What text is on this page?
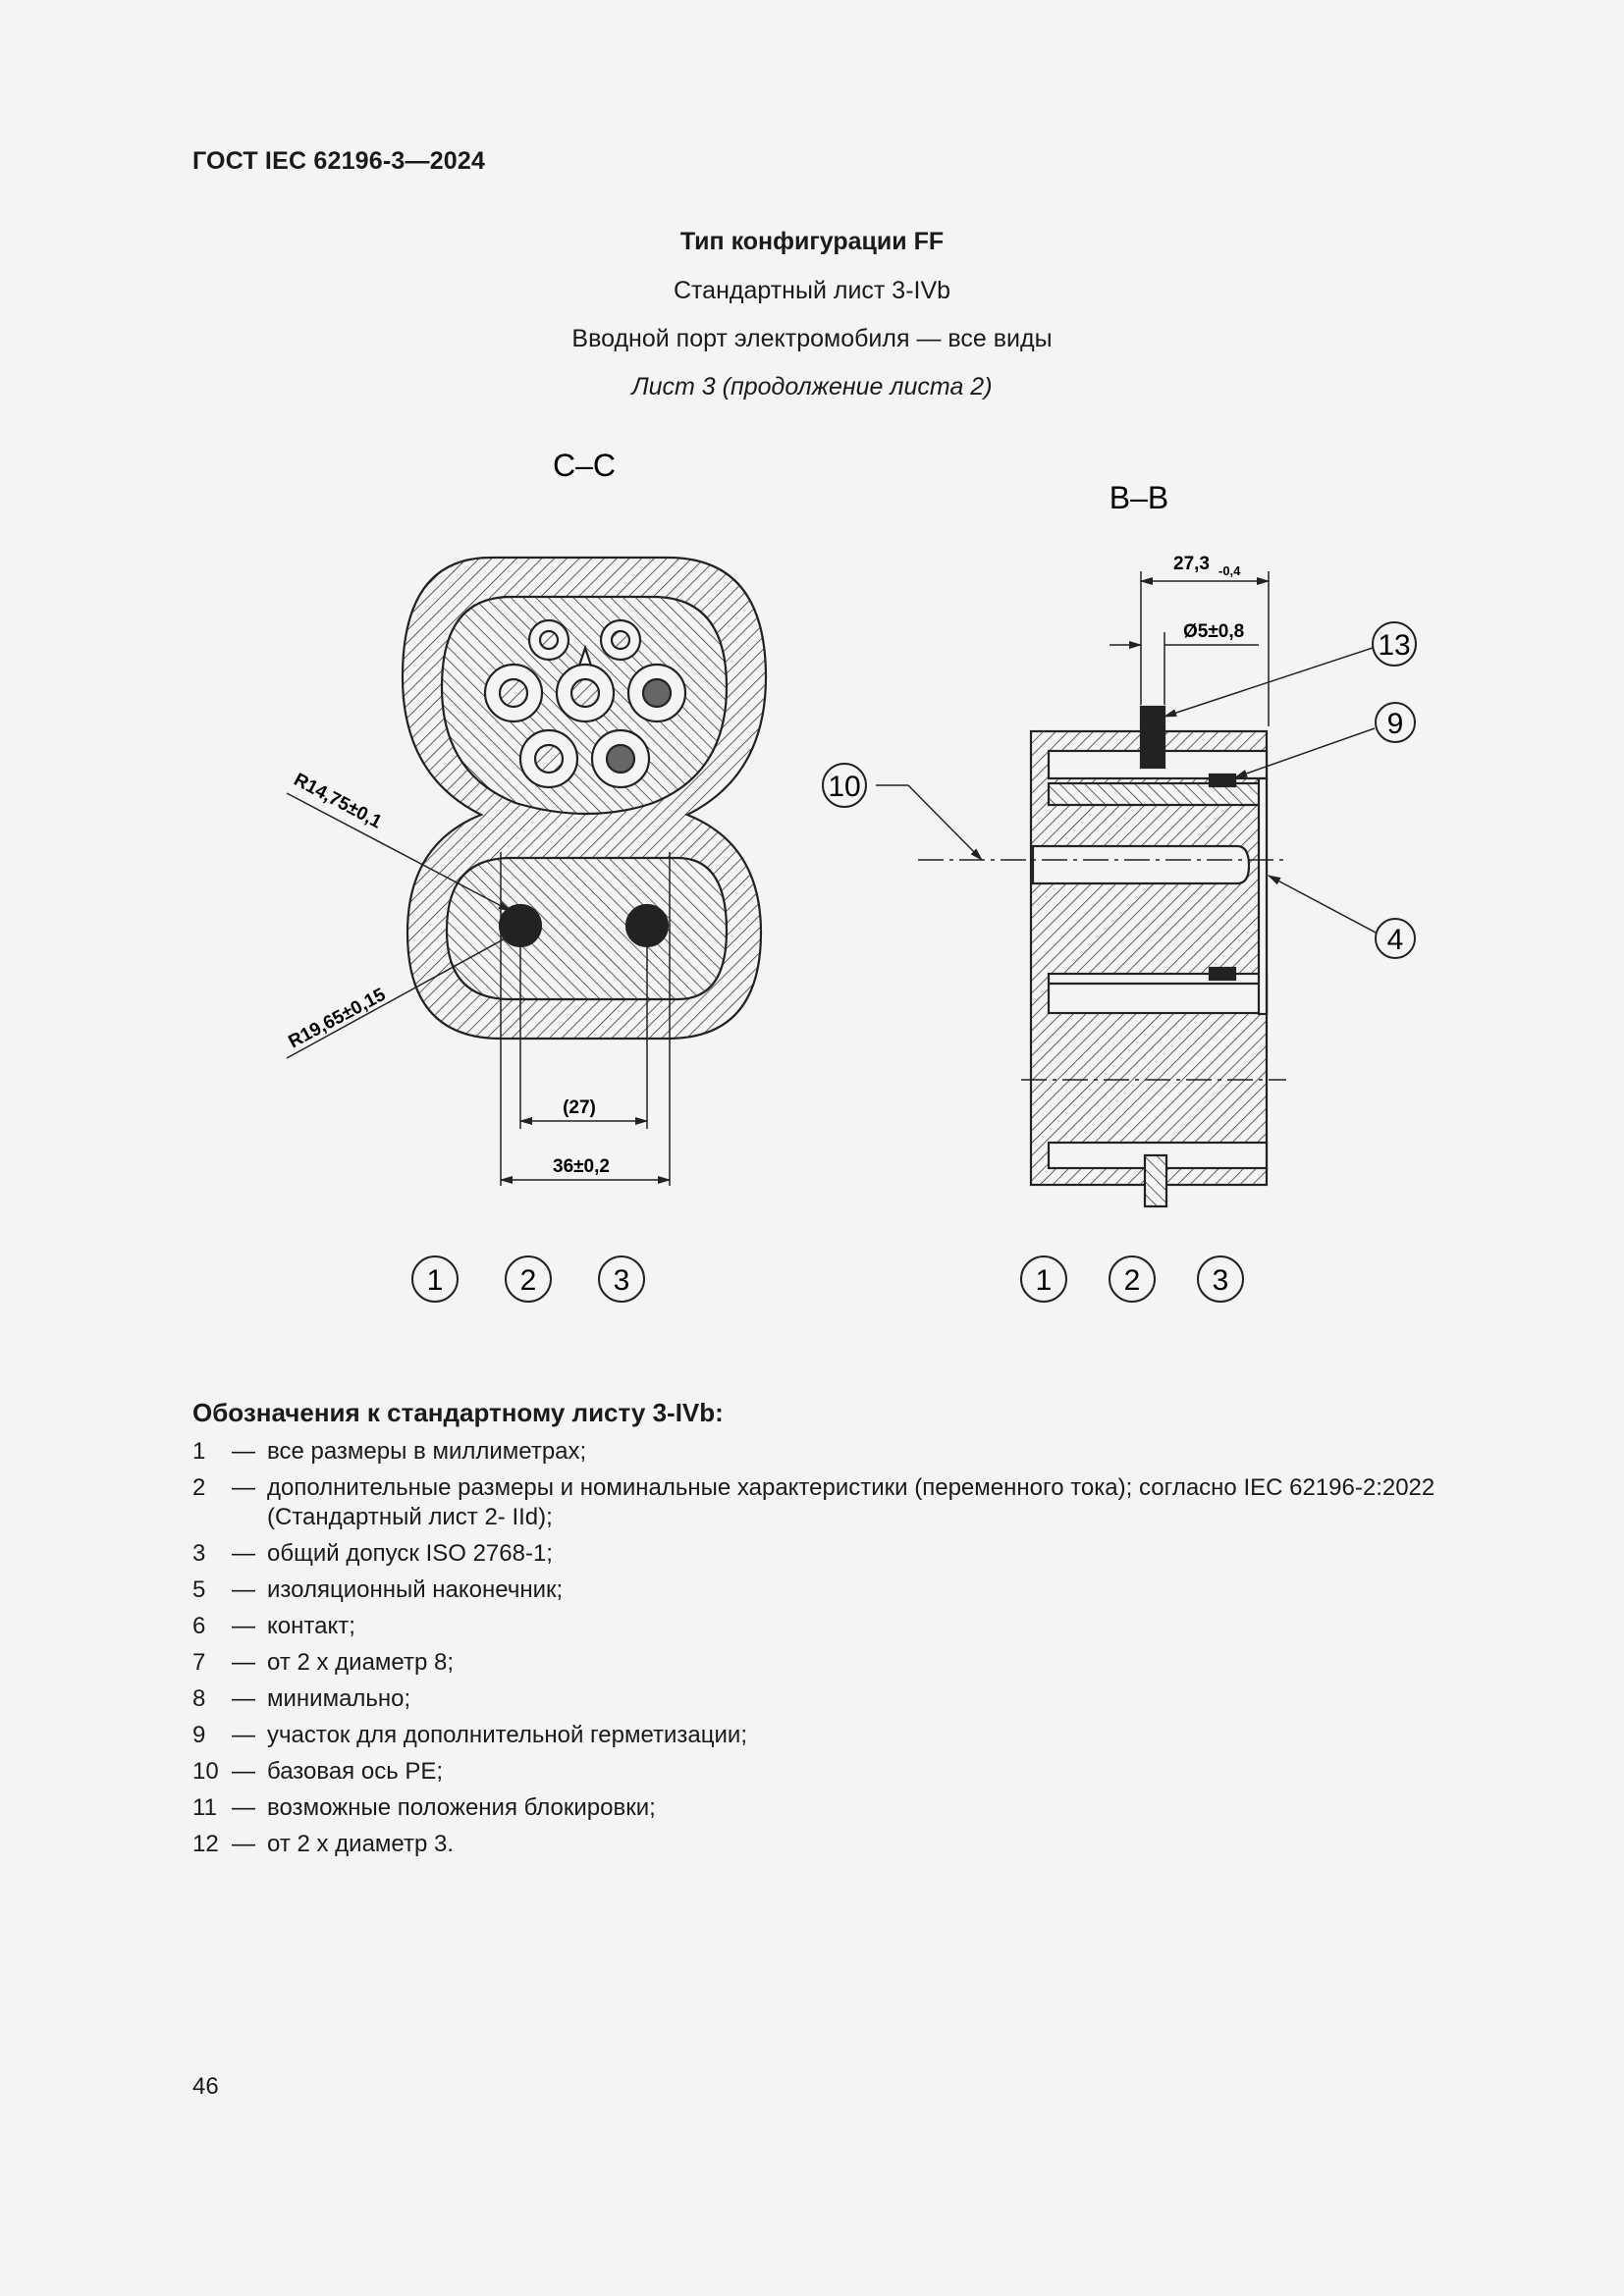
ГОСТ IEC 62196-3—2024
Тип конфигурации FF
Стандартный лист 3-IVb
Вводной порт электромобиля — все виды
Лист 3 (продолжение листа 2)
C–C
(27)
36±0,2
R14,75±0,1
R19,65±0,15
1	2	3
B–B
27,3 -0,4
Ø5±0,8	13
9
10
4
1 2 3
Обозначения к стандартному листу 3-IVb:
1	— все размеры в миллиметрах;
2	— дополнительные размеры и номинальные характеристики (переменного тока); согласно IEC 62196-2:2022
(Стандартный лист 2- IId);
3	— общий допуск ISO 2768-1;
5	— изоляционный наконечник;
6	— контакт;
7	— от 2 х диаметр 8;
8	— минимально;
9	— участок для дополнительной герметизации;
10 — базовая ось PE;
11 — возможные положения блокировки;
12 — от 2 х диаметр 3.
46
